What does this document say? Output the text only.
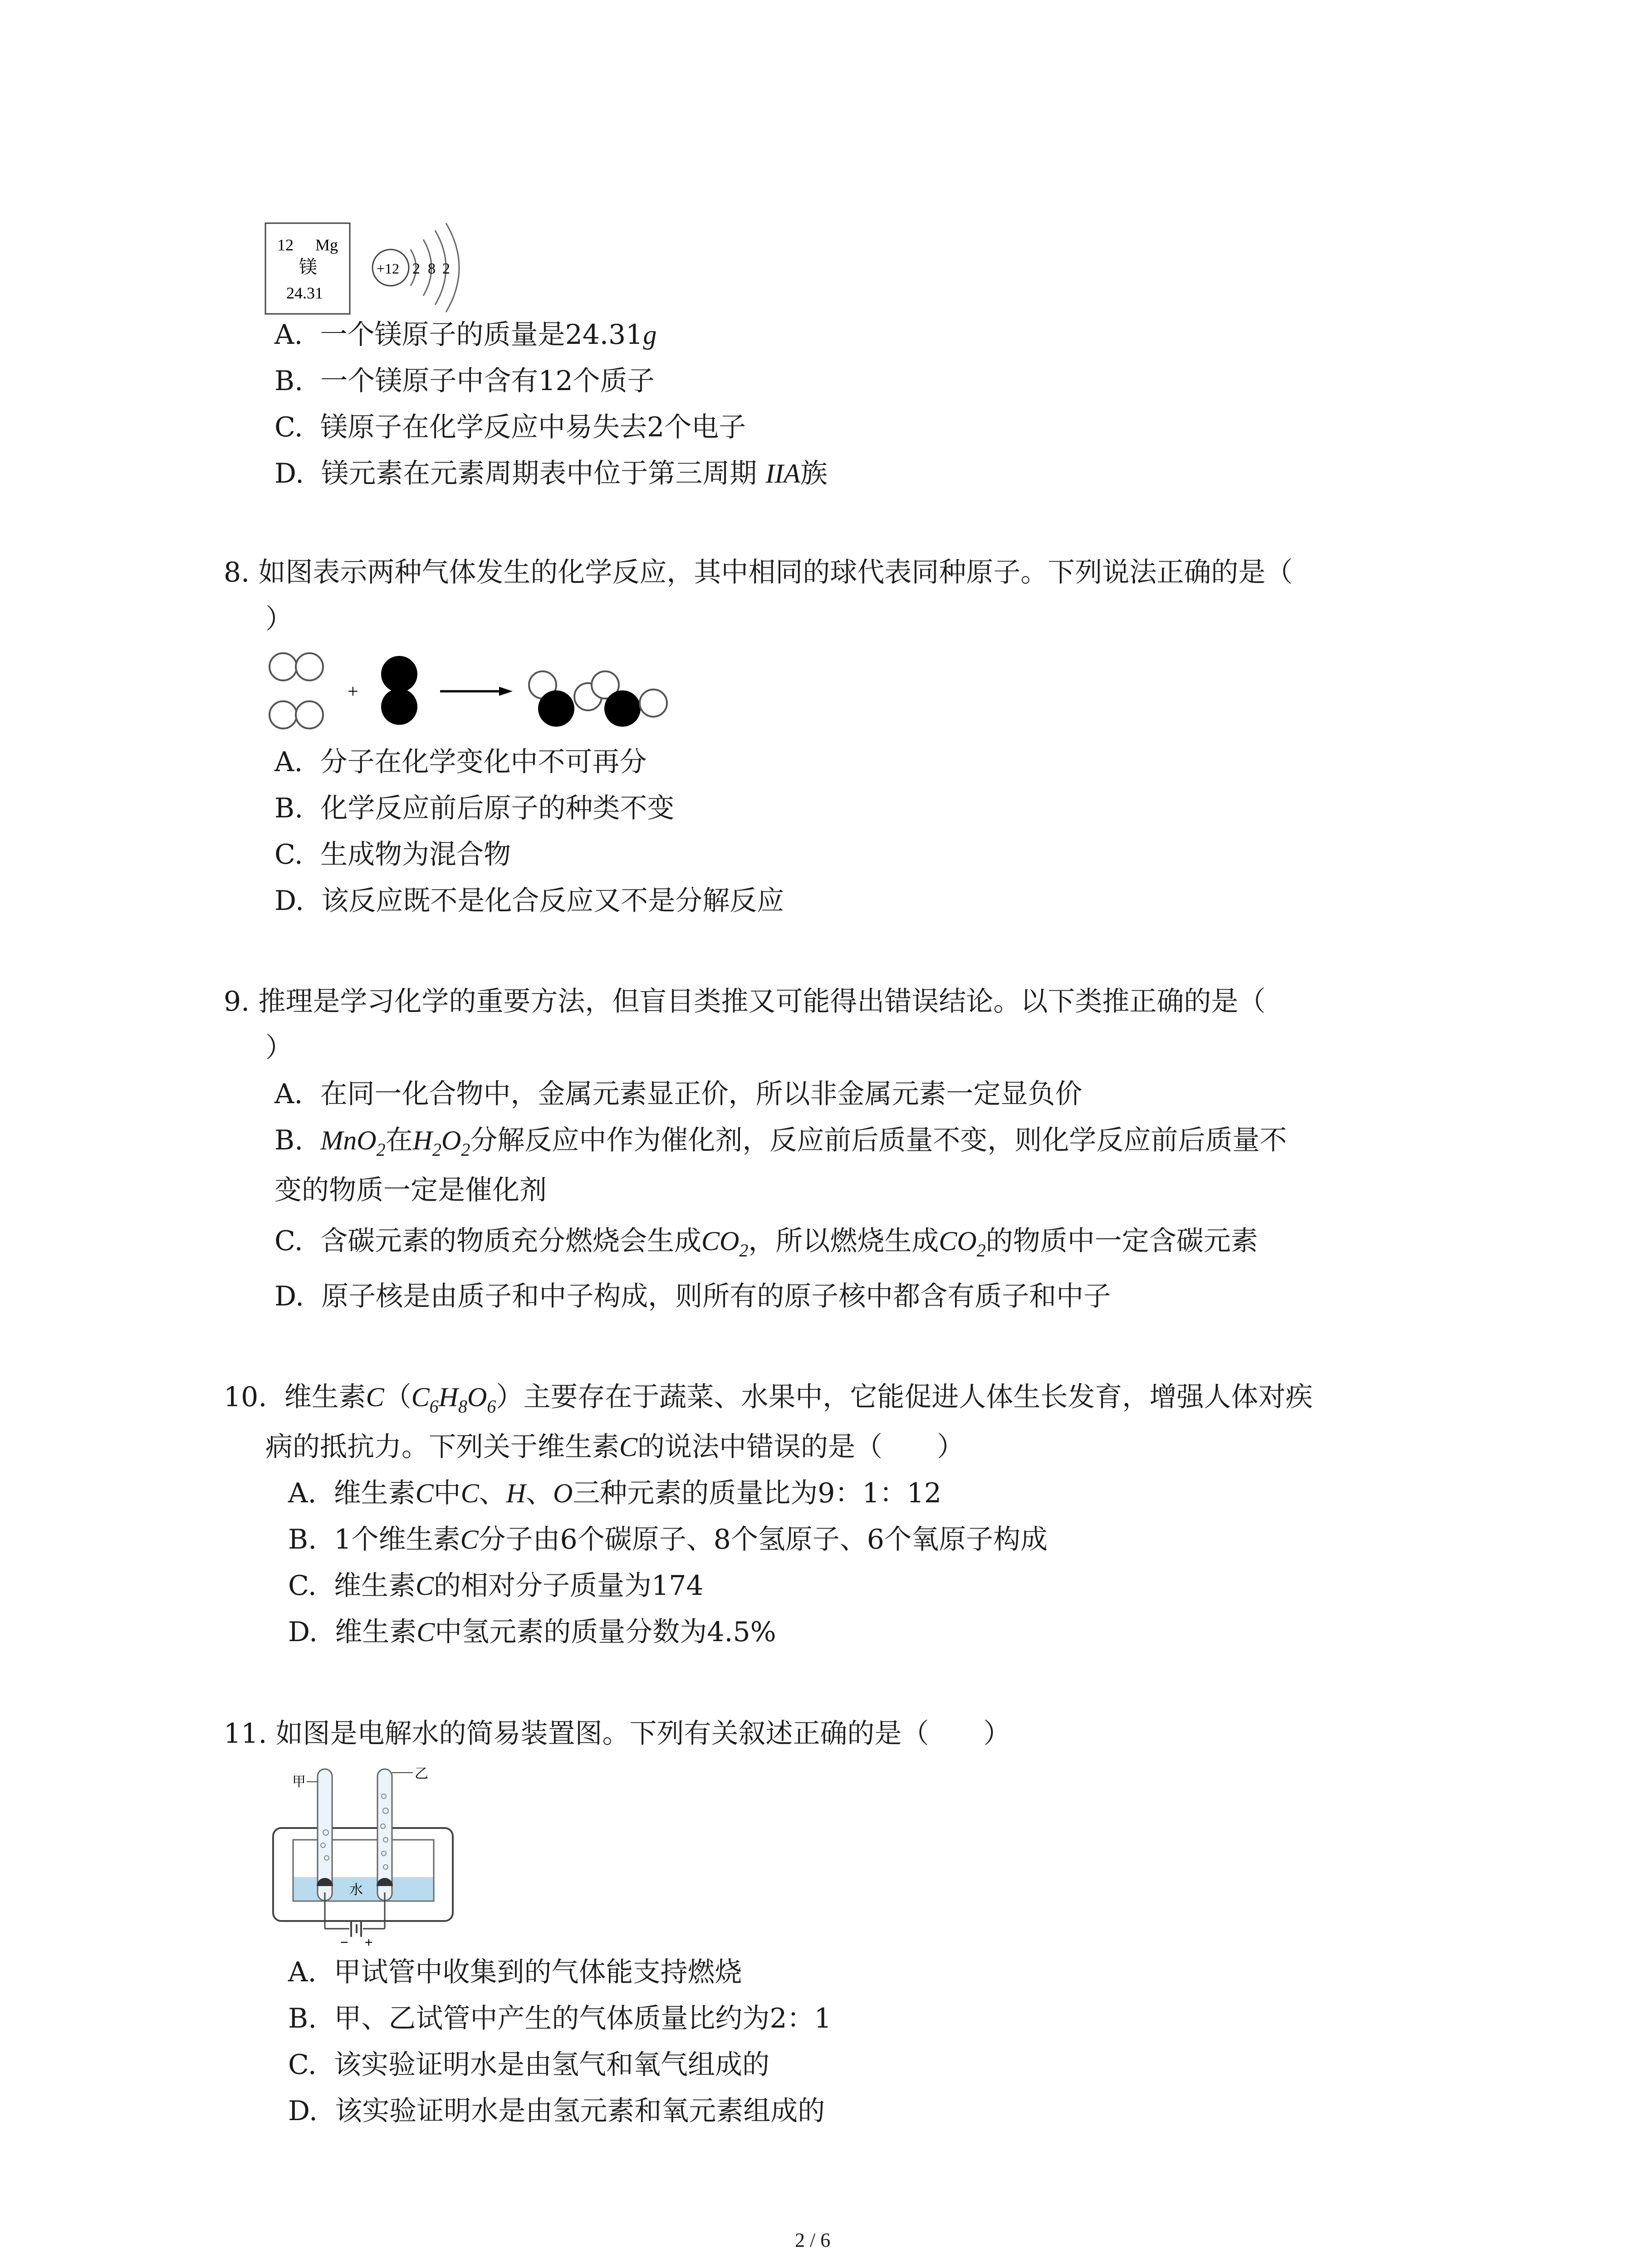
12 Mg
镁
24.31
+12 2 8 2
A. 一个镁原子的质量是24.31g
B. 一个镁原子中含有12个质子
C. 镁原子在化学反应中易失去2个电子
D. 镁元素在元素周期表中位于第三周期 IIA族
8. 如图表示两种气体发生的化学反应，其中相同的球代表同种原子。下列说法正确的是（
）
+
A. 分子在化学变化中不可再分
B. 化学反应前后原子的种类不变
C. 生成物为混合物
D. 该反应既不是化合反应又不是分解反应
9. 推理是学习化学的重要方法，但盲目类推又可能得出错误结论。以下类推正确的是（
）
A. 在同一化合物中，金属元素显正价，所以非金属元素一定显负价
B. MnO$_2$在$H_2O_2$分解反应中作为催化剂，反应前后质量不变，则化学反应前后质量不
变的物质一定是催化剂
C. 含碳元素的物质充分燃烧会生成$CO_2$，所以燃烧生成$CO_2$的物质中一定含碳元素
D. 原子核是由质子和中子构成，则所有的原子核中都含有质子和中子
10. 维生素$C(C_6H_8O_6)$主要存在于蔬菜、水果中，它能促进人体生长发育，增强人体对疾
病的抵抗力。下列关于维生素C的说法中错误的是（　　）
A. 维生素C中C、H、O三种元素的质量比为9：1：12
B. 1个维生素C分子由6个碳原子、8个氢原子、6个氧原子构成
C. 维生素C的相对分子质量为174
D. 维生素C中氢元素的质量分数为4.5%
11. 如图是电解水的简易装置图。下列有关叙述正确的是（　　）
− +
水
甲
乙
A. 甲试管中收集到的气体能支持燃烧
B. 甲、乙试管中产生的气体质量比约为2：1
C. 该实验证明水是由氢气和氧气组成的
D. 该实验证明水是由氢元素和氧元素组成的
2 / 6
